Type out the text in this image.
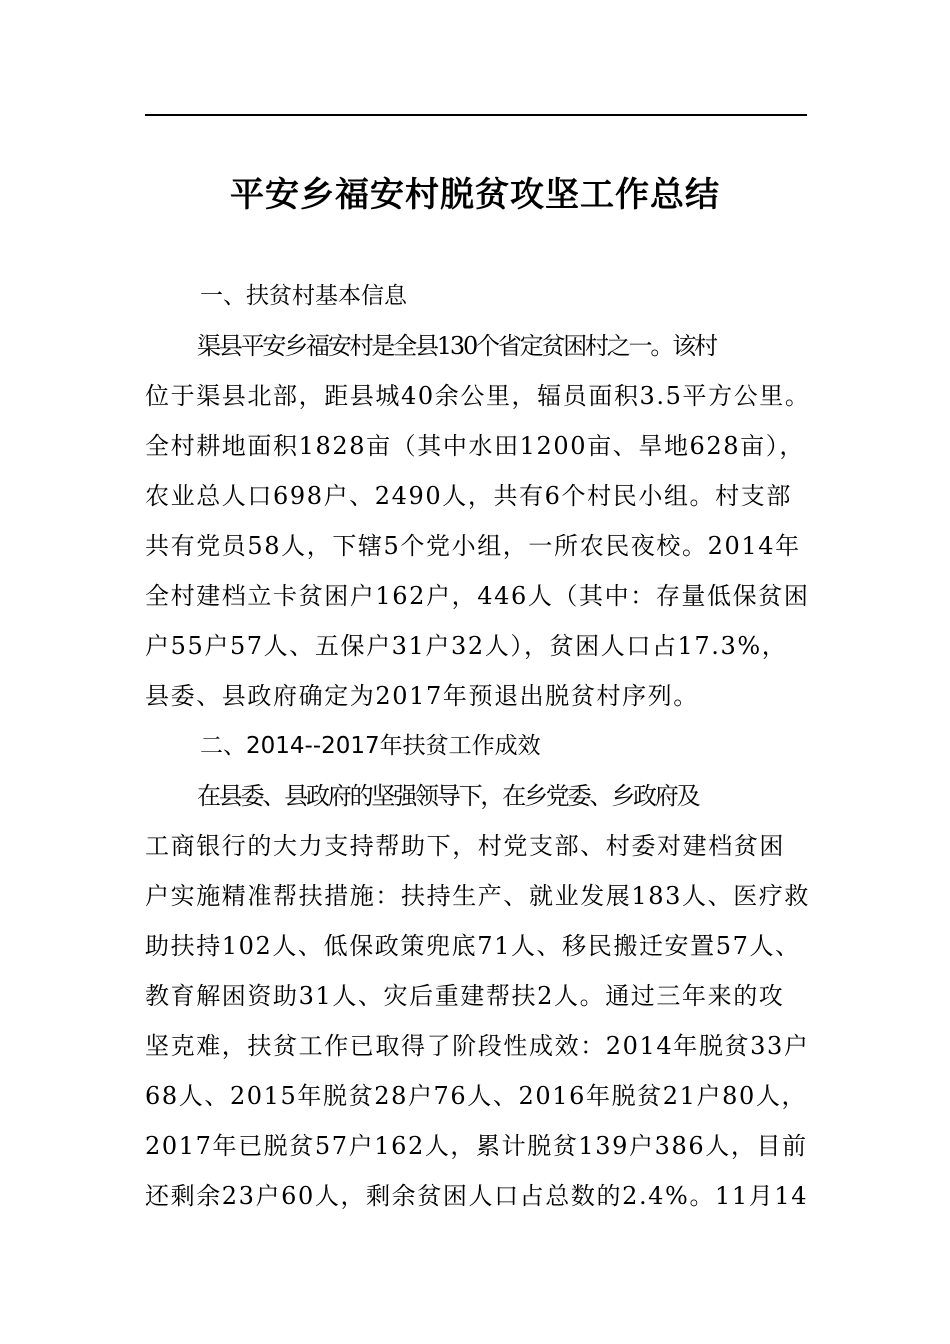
平安乡福安村脱贫攻坚工作总结
一、扶贫村基本信息
渠县平安乡福安村是全县130个省定贫困村之一。该村
位于渠县北部，距县城40余公里，辐员面积3.5平方公里。
全村耕地面积1828亩（其中水田1200亩、旱地628亩），
农业总人口698户、2490人，共有6个村民小组。村支部
共有党员58人，下辖5个党小组，一所农民夜校。2014年
全村建档立卡贫困户162户，446人（其中：存量低保贫困
户55户57人、五保户31户32人），贫困人口占17.3%，
县委、县政府确定为2017年预退出脱贫村序列。
二、2014--2017年扶贫工作成效
在县委、县政府的坚强领导下，在乡党委、乡政府及
工商银行的大力支持帮助下，村党支部、村委对建档贫困
户实施精准帮扶措施：扶持生产、就业发展183人、医疗救
助扶持102人、低保政策兜底71人、移民搬迁安置57人、
教育解困资助31人、灾后重建帮扶2人。通过三年来的攻
坚克难，扶贫工作已取得了阶段性成效：2014年脱贫33户
68人、2015年脱贫28户76人、2016年脱贫21户80人，
2017年已脱贫57户162人，累计脱贫139户386人，目前
还剩余23户60人，剩余贫困人口占总数的2.4%。11月14
